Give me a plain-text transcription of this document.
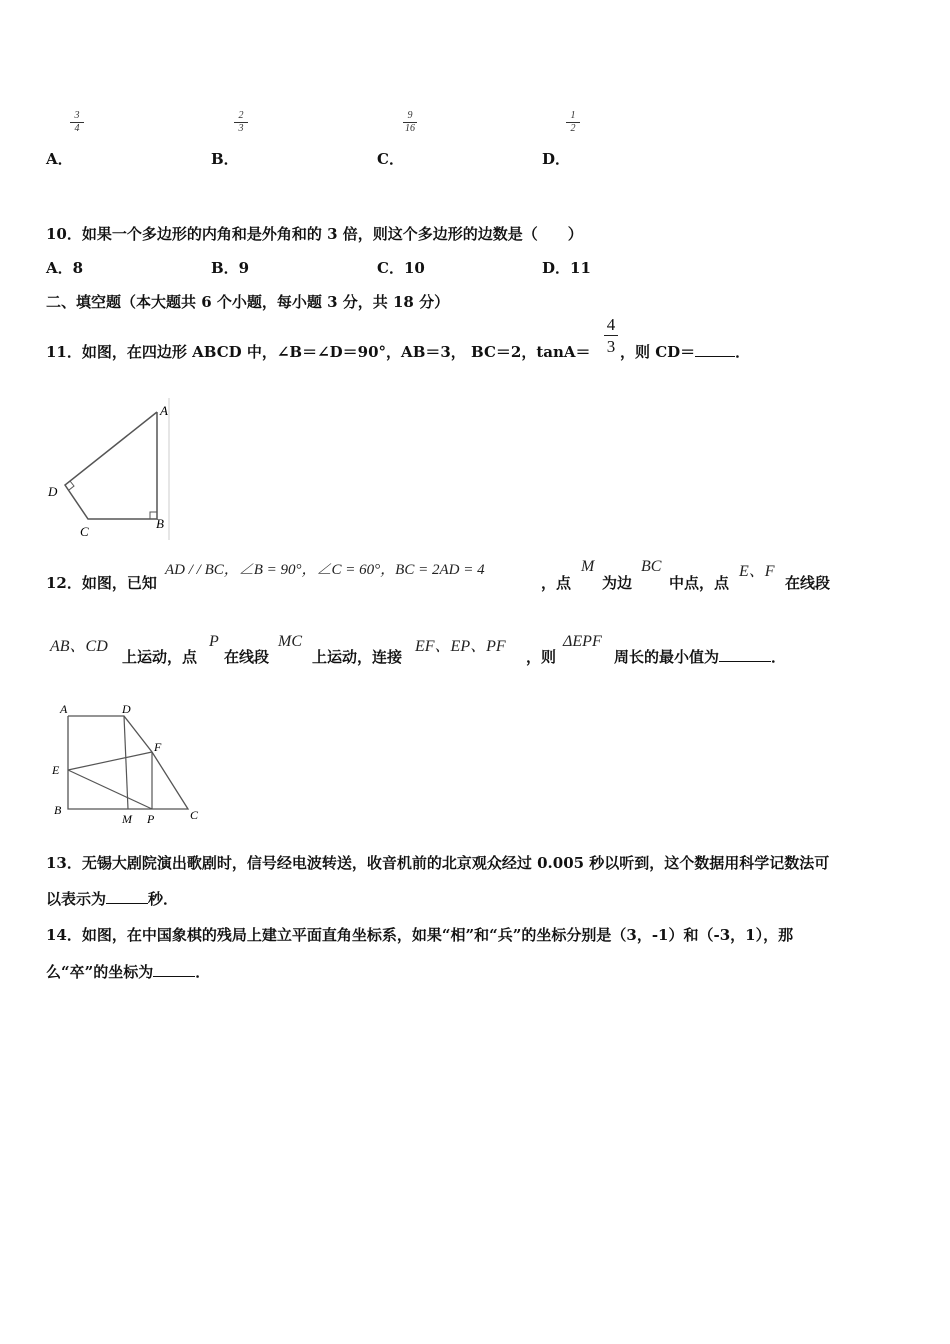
3
4
A．
2
3
B．
9
16
C．
1
2
D．
10．如果一个多边形的内角和是外角和的 3 倍，则这个多边形的边数是（　　）
A．8	B．9	C．10	D．11
二、填空题（本大题共 6 个小题，每小题 3 分，共 18 分）
11．如图，在四边形 ABCD 中，∠B＝∠D＝90°，AB＝3， BC＝2，tanA＝
4
3 ，则 CD＝	．
A
B
C
D
12．如图，已知
AD / / BC，∠B = 90°，∠C = 60°，BC = 2AD = 4
，点
M
为边
BC
中点，点
E、F
在线段
AB、CD
上运动，点
P
在线段
MC
上运动，连接
EF、EP、PF
，则
ΔEPF
周长的最小值为	．
A	D
F
E
B
M P	C
13．无锡大剧院演出歌剧时，信号经电波转送，收音机前的北京观众经过 0.005 秒以听到，这个数据用科学记数法可
以表示为	秒．
14．如图，在中国象棋的残局上建立平面直角坐标系，如果“相”和“兵”的坐标分别是（3，-1）和（-3，1），那
么“卒”的坐标为	．
